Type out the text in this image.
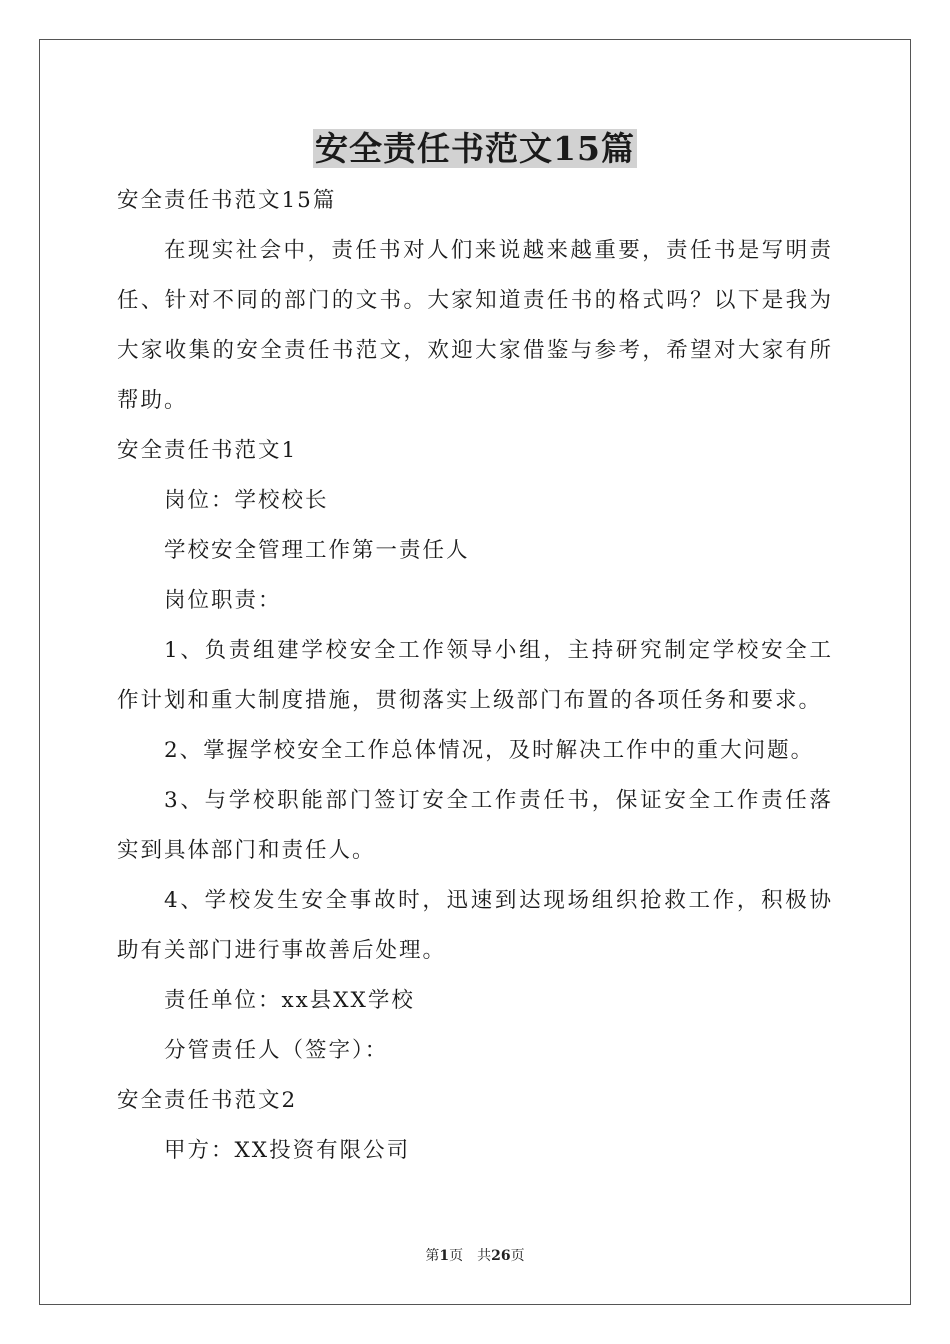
安全责任书范文15篇

安全责任书范文15篇

在现实社会中，责任书对人们来说越来越重要，责任书是写明责任、针对不同的部门的文书。大家知道责任书的格式吗？以下是我为大家收集的安全责任书范文，欢迎大家借鉴与参考，希望对大家有所帮助。

安全责任书范文1

岗位：学校校长

学校安全管理工作第一责任人

岗位职责：

1、负责组建学校安全工作领导小组，主持研究制定学校安全工作计划和重大制度措施，贯彻落实上级部门布置的各项任务和要求。

2、掌握学校安全工作总体情况，及时解决工作中的重大问题。

3、与学校职能部门签订安全工作责任书，保证安全工作责任落实到具体部门和责任人。

4、学校发生安全事故时，迅速到达现场组织抢救工作，积极协助有关部门进行事故善后处理。

责任单位：xx县XX学校

分管责任人（签字）：

安全责任书范文2

甲方：XX投资有限公司

第1页 共26页
